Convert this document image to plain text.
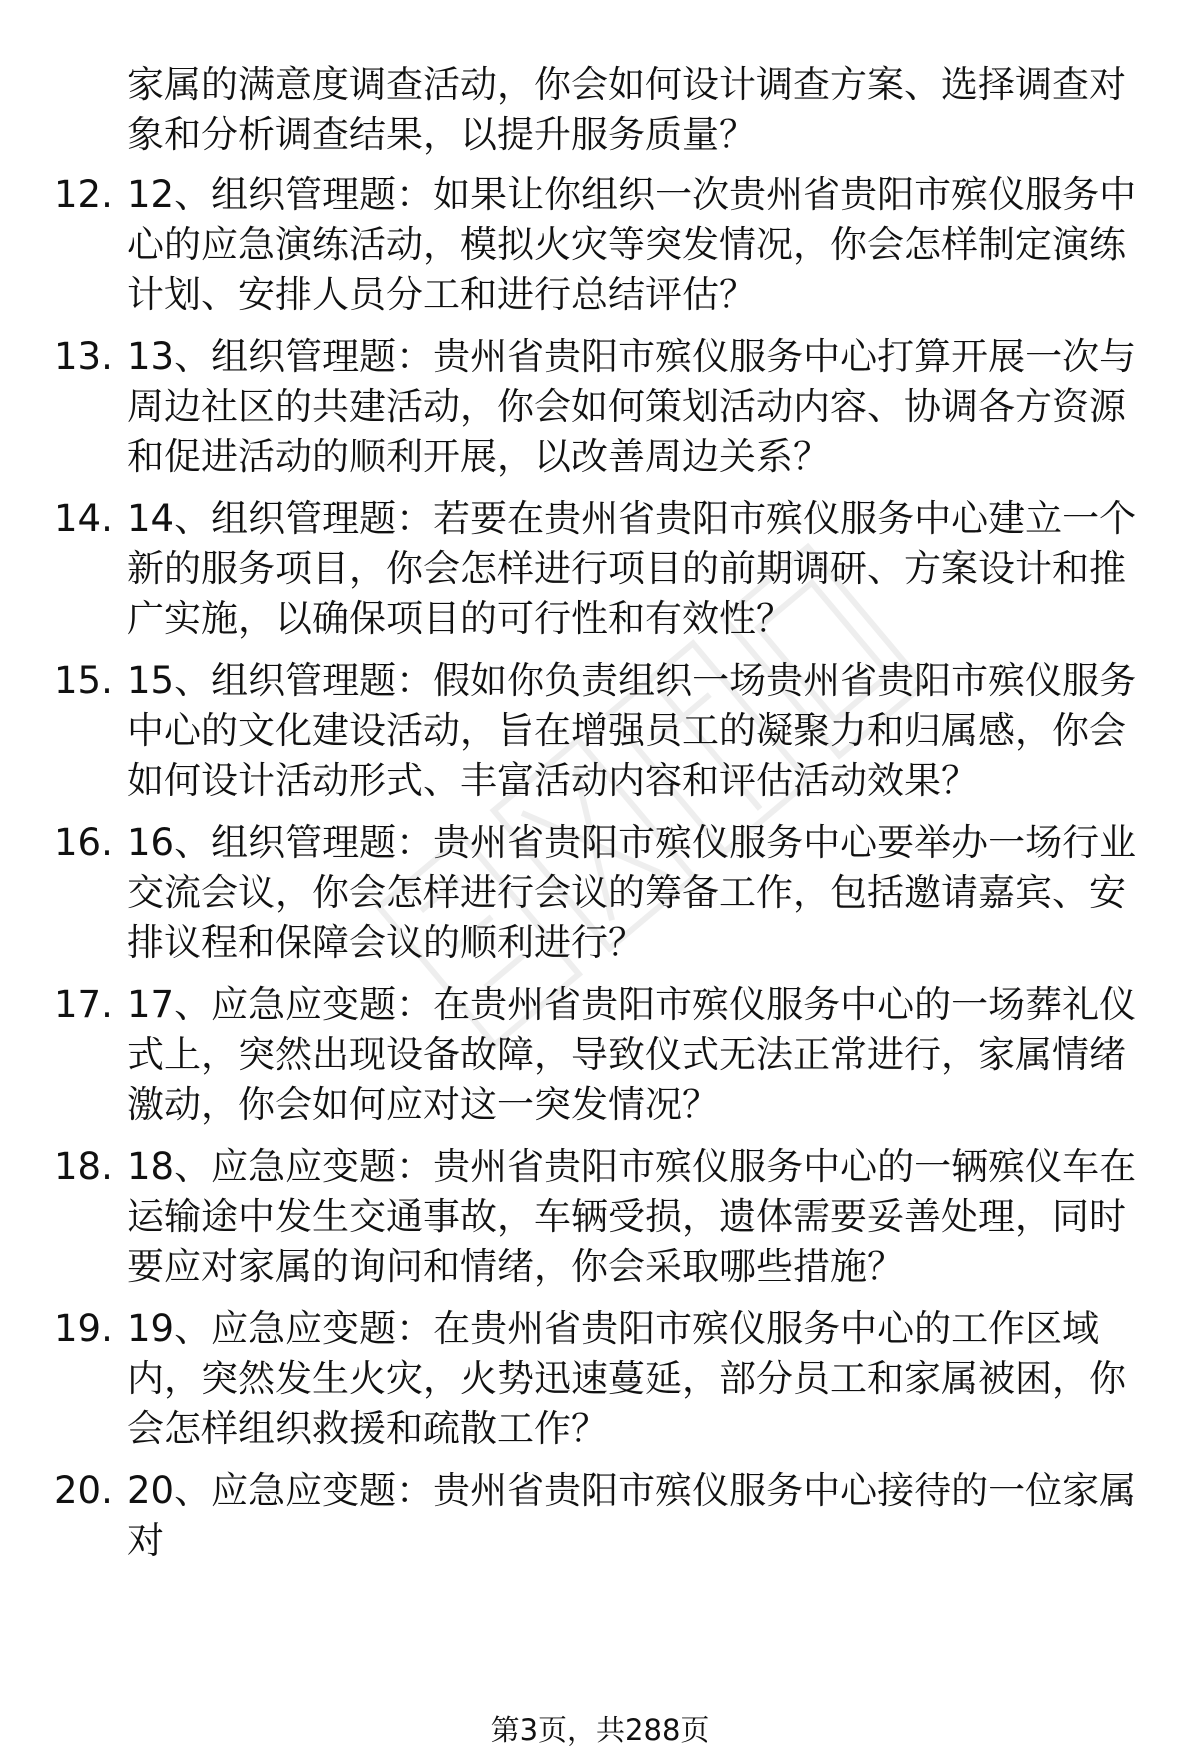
家属的满意度调查活动，你会如何设计调查方案、选择调查对象和分析调查结果，以提升服务质量？
12. 12、组织管理题：如果让你组织一次贵州省贵阳市殡仪服务中心的应急演练活动，模拟火灾等突发情况，你会怎样制定演练计划、安排人员分工和进行总结评估？
13. 13、组织管理题：贵州省贵阳市殡仪服务中心打算开展一次与周边社区的共建活动，你会如何策划活动内容、协调各方资源和促进活动的顺利开展，以改善周边关系？
14. 14、组织管理题：若要在贵州省贵阳市殡仪服务中心建立一个新的服务项目，你会怎样进行项目的前期调研、方案设计和推广实施，以确保项目的可行性和有效性？
15. 15、组织管理题：假如你负责组织一场贵州省贵阳市殡仪服务中心的文化建设活动，旨在增强员工的凝聚力和归属感，你会如何设计活动形式、丰富活动内容和评估活动效果？
16. 16、组织管理题：贵州省贵阳市殡仪服务中心要举办一场行业交流会议，你会怎样进行会议的筹备工作，包括邀请嘉宾、安排议程和保障会议的顺利进行？
17. 17、应急应变题：在贵州省贵阳市殡仪服务中心的一场葬礼仪式上，突然出现设备故障，导致仪式无法正常进行，家属情绪激动，你会如何应对这一突发情况？
18. 18、应急应变题：贵州省贵阳市殡仪服务中心的一辆殡仪车在运输途中发生交通事故，车辆受损，遗体需要妥善处理，同时要应对家属的询问和情绪，你会采取哪些措施？
19. 19、应急应变题：在贵州省贵阳市殡仪服务中心的工作区域内，突然发生火灾，火势迅速蔓延，部分员工和家属被困，你会怎样组织救援和疏散工作？
20. 20、应急应变题：贵州省贵阳市殡仪服务中心接待的一位家属对
第3页，共288页
